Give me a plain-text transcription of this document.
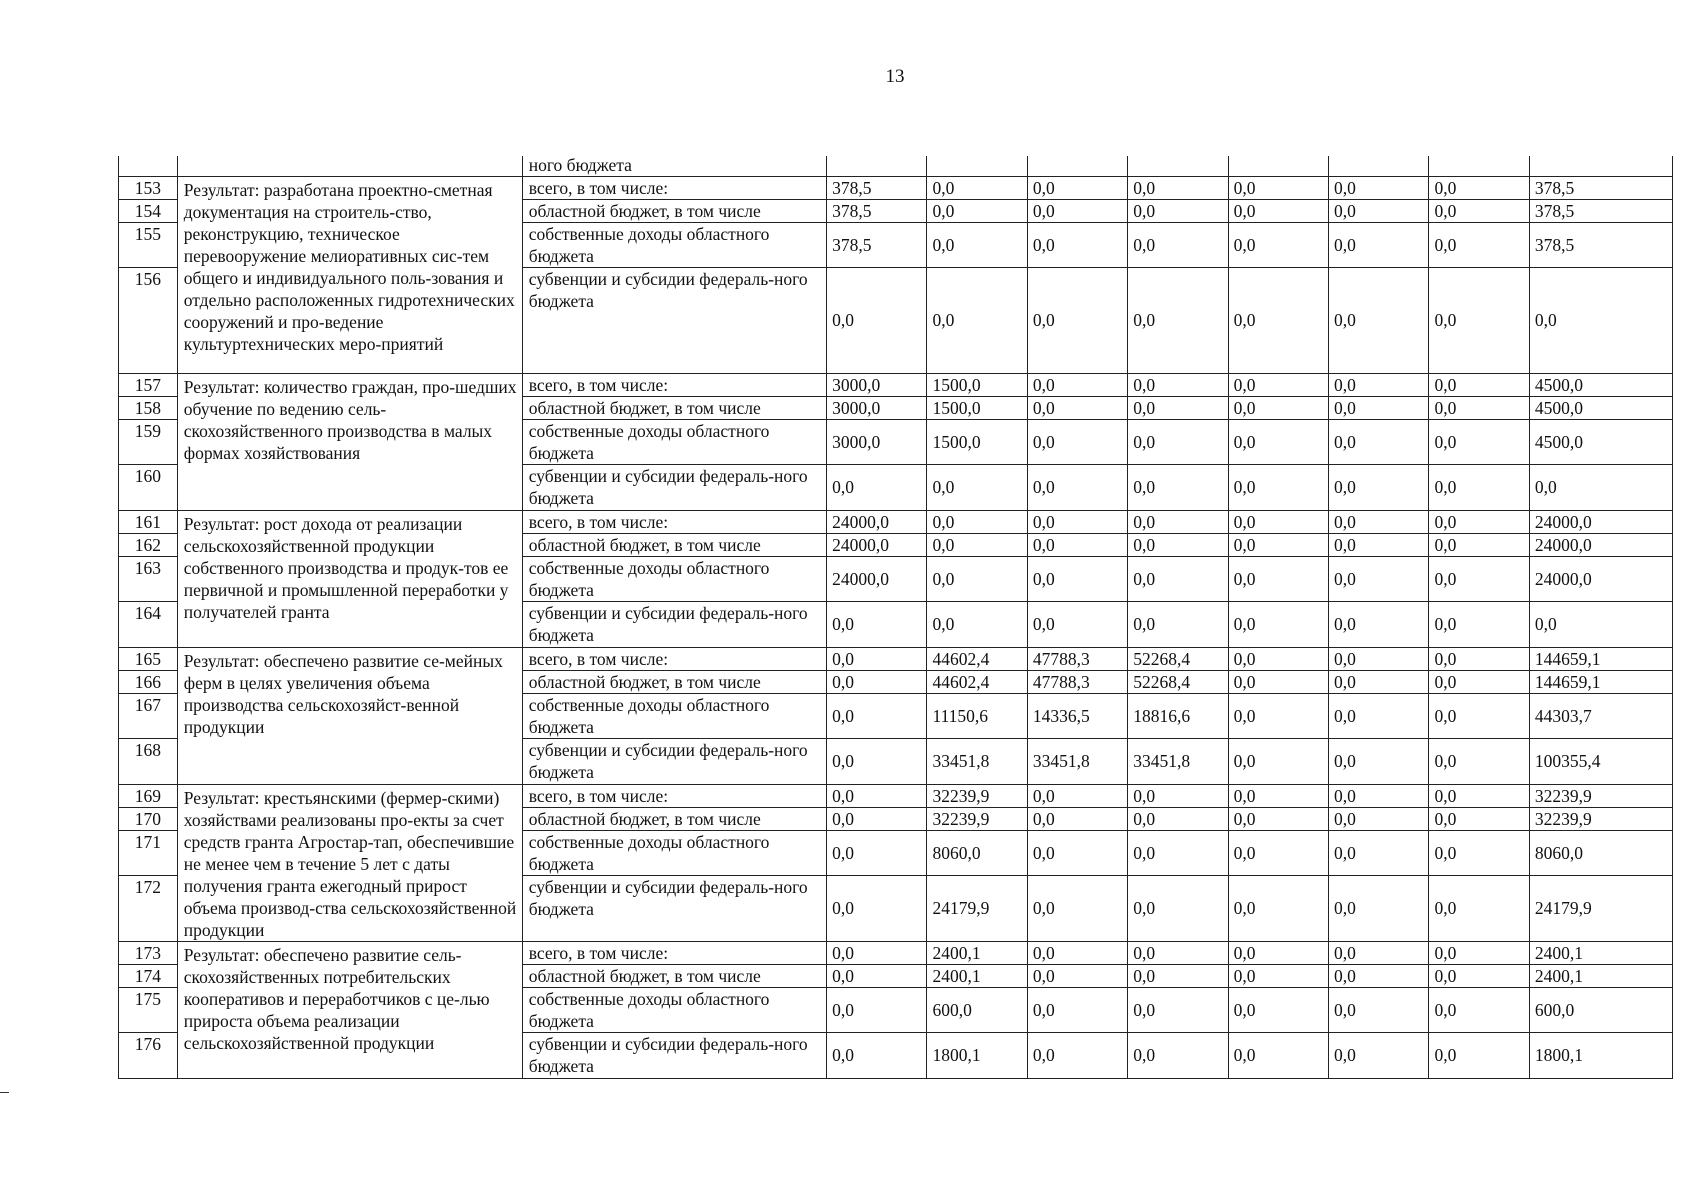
13
		ного бюджета								
153	Результат: разработана проектно-сметная документация на строитель-ство, реконструкцию, техническое перевооружение мелиоративных сис-тем общего и индивидуального поль-зования и отдельно расположенных гидротехнических сооружений и про-ведение культуртехнических меро-приятий	всего, в том числе:	378,5	0,0	0,0	0,0	0,0	0,0	0,0	378,5
154		областной бюджет, в том числе	378,5	0,0	0,0	0,0	0,0	0,0	0,0	378,5
155		собственные доходы областного бюджета	378,5	0,0	0,0	0,0	0,0	0,0	0,0	378,5
156		субвенции и субсидии федераль-ного бюджета	0,0	0,0	0,0	0,0	0,0	0,0	0,0	0,0
157	Результат: количество граждан, про-шедших обучение по ведению сель-скохозяйственного производства в малых формах хозяйствования	всего, в том числе:	3000,0	1500,0	0,0	0,0	0,0	0,0	0,0	4500,0
158		областной бюджет, в том числе	3000,0	1500,0	0,0	0,0	0,0	0,0	0,0	4500,0
159		собственные доходы областного бюджета	3000,0	1500,0	0,0	0,0	0,0	0,0	0,0	4500,0
160		субвенции и субсидии федераль-ного бюджета	0,0	0,0	0,0	0,0	0,0	0,0	0,0	0,0
161	Результат: рост дохода от реализации сельскохозяйственной продукции собственного производства и продук-тов ее первичной и промышленной переработки у получателей гранта	всего, в том числе:	24000,0	0,0	0,0	0,0	0,0	0,0	0,0	24000,0
162		областной бюджет, в том числе	24000,0	0,0	0,0	0,0	0,0	0,0	0,0	24000,0
163		собственные доходы областного бюджета	24000,0	0,0	0,0	0,0	0,0	0,0	0,0	24000,0
164		субвенции и субсидии федераль-ного бюджета	0,0	0,0	0,0	0,0	0,0	0,0	0,0	0,0
165	Результат: обеспечено развитие се-мейных ферм в целях увеличения объема производства сельскохозяйст-венной продукции	всего, в том числе:	0,0	44602,4	47788,3	52268,4	0,0	0,0	0,0	144659,1
166		областной бюджет, в том числе	0,0	44602,4	47788,3	52268,4	0,0	0,0	0,0	144659,1
167		собственные доходы областного бюджета	0,0	11150,6	14336,5	18816,6	0,0	0,0	0,0	44303,7
168		субвенции и субсидии федераль-ного бюджета	0,0	33451,8	33451,8	33451,8	0,0	0,0	0,0	100355,4
169	Результат: крестьянскими (фермер-скими) хозяйствами реализованы про-екты за счет средств гранта Агростар-тап, обеспечившие не менее чем в течение 5 лет с даты получения гранта ежегодный прирост объема производ-ства сельскохозяйственной продукции	всего, в том числе:	0,0	32239,9	0,0	0,0	0,0	0,0	0,0	32239,9
170		областной бюджет, в том числе	0,0	32239,9	0,0	0,0	0,0	0,0	0,0	32239,9
171		собственные доходы областного бюджета	0,0	8060,0	0,0	0,0	0,0	0,0	0,0	8060,0
172		субвенции и субсидии федераль-ного бюджета	0,0	24179,9	0,0	0,0	0,0	0,0	0,0	24179,9
173	Результат: обеспечено развитие сель-скохозяйственных потребительских кооперативов и переработчиков с це-лью прироста объема реализации сельскохозяйственной продукции	всего, в том числе:	0,0	2400,1	0,0	0,0	0,0	0,0	0,0	2400,1
174		областной бюджет, в том числе	0,0	2400,1	0,0	0,0	0,0	0,0	0,0	2400,1
175		собственные доходы областного бюджета	0,0	600,0	0,0	0,0	0,0	0,0	0,0	600,0
176		субвенции и субсидии федераль-ного бюджета	0,0	1800,1	0,0	0,0	0,0	0,0	0,0	1800,1
